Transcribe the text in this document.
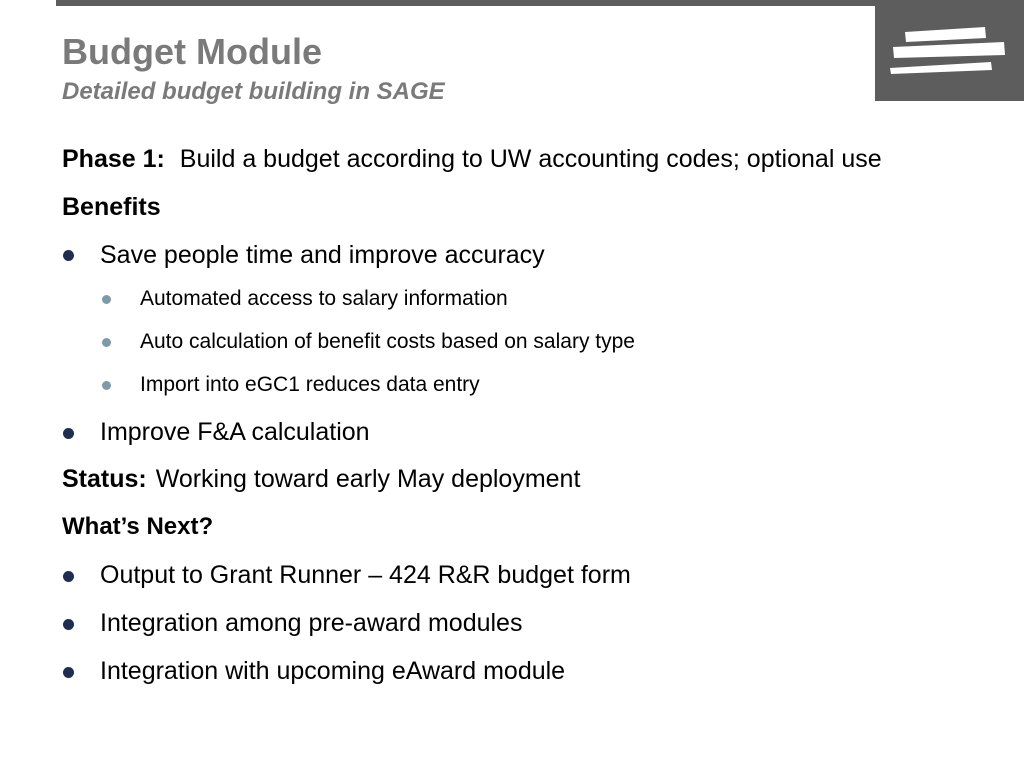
Budget Module
Detailed budget building in SAGE
Phase 1: Build a budget according to UW accounting codes; optional use
Benefits
Save people time and improve accuracy
Automated access to salary information
Auto calculation of benefit costs based on salary type
Import into eGC1 reduces data entry
Improve F&A calculation
Status: Working toward early May deployment
What’s Next?
Output to Grant Runner – 424 R&R budget form
Integration among pre-award modules
Integration with upcoming eAward module
